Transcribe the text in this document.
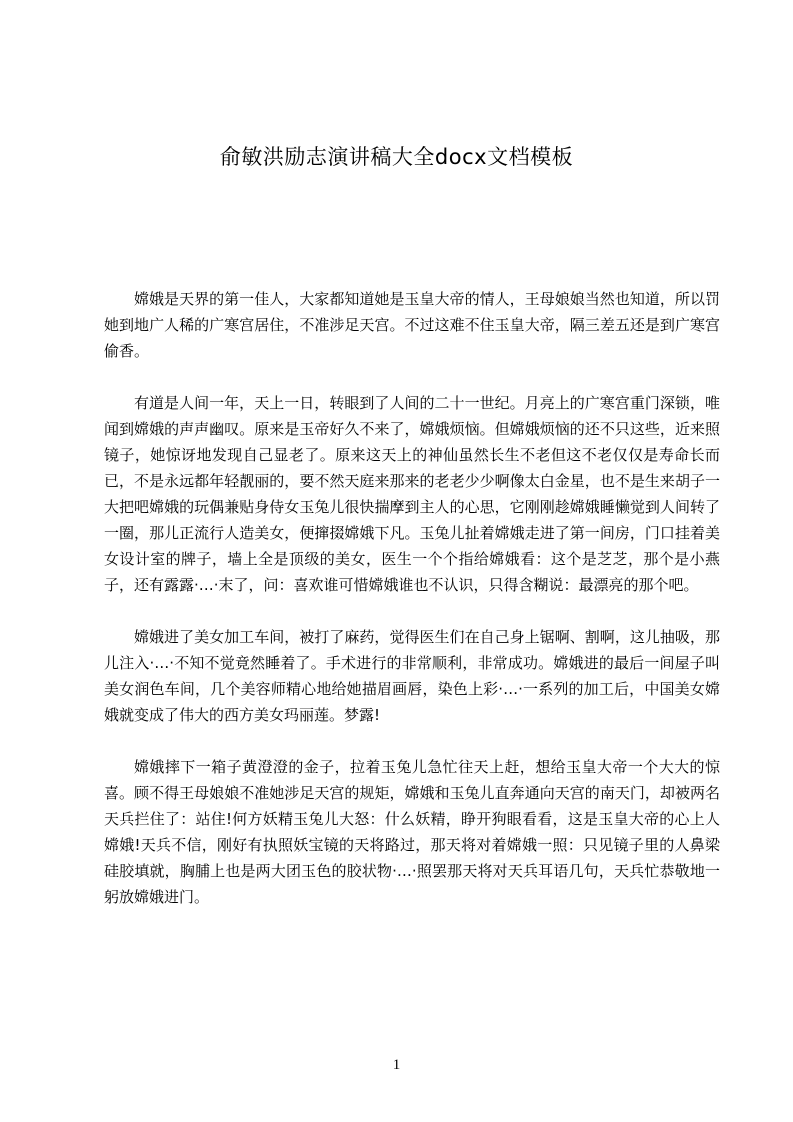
俞敏洪励志演讲稿大全docx文档模板

嫦娥是天界的第一佳人，大家都知道她是玉皇大帝的情人，王母娘娘当然也知道，所以罚她到地广人稀的广寒宫居住，不准涉足天宫。不过这难不住玉皇大帝，隔三差五还是到广寒宫偷香。

有道是人间一年，天上一日，转眼到了人间的二十一世纪。月亮上的广寒宫重门深锁，唯闻到嫦娥的声声幽叹。原来是玉帝好久不来了，嫦娥烦恼。但嫦娥烦恼的还不只这些，近来照镜子，她惊讶地发现自己显老了。原来这天上的神仙虽然长生不老但这不老仅仅是寿命长而已，不是永远都年轻靓丽的，要不然天庭来那来的老老少少啊像太白金星，也不是生来胡子一大把吧嫦娥的玩偶兼贴身侍女玉兔儿很快揣摩到主人的心思，它刚刚趁嫦娥睡懒觉到人间转了一圈，那儿正流行人造美女，便撺掇嫦娥下凡。玉兔儿扯着嫦娥走进了第一间房，门口挂着美女设计室的牌子，墙上全是顶级的美女，医生一个个指给嫦娥看：这个是芝芝，那个是小燕子，还有露露·…·末了，问：喜欢谁可惜嫦娥谁也不认识，只得含糊说：最漂亮的那个吧。

嫦娥进了美女加工车间，被打了麻药，觉得医生们在自己身上锯啊、割啊，这儿抽吸，那儿注入·…·不知不觉竟然睡着了。手术进行的非常顺利，非常成功。嫦娥进的最后一间屋子叫美女润色车间，几个美容师精心地给她描眉画唇，染色上彩·…·一系列的加工后，中国美女嫦娥就变成了伟大的西方美女玛丽莲。梦露!

嫦娥摔下一箱子黄澄澄的金子，拉着玉兔儿急忙往天上赶，想给玉皇大帝一个大大的惊喜。顾不得王母娘娘不准她涉足天宫的规矩，嫦娥和玉兔儿直奔通向天宫的南天门，却被两名天兵拦住了：站住!何方妖精玉兔儿大怒：什么妖精，睁开狗眼看看，这是玉皇大帝的心上人嫦娥!天兵不信，刚好有执照妖宝镜的天将路过，那天将对着嫦娥一照：只见镜子里的人鼻梁硅胶填就，胸脯上也是两大团玉色的胶状物·…·照罢那天将对天兵耳语几句，天兵忙恭敬地一躬放嫦娥进门。

1
